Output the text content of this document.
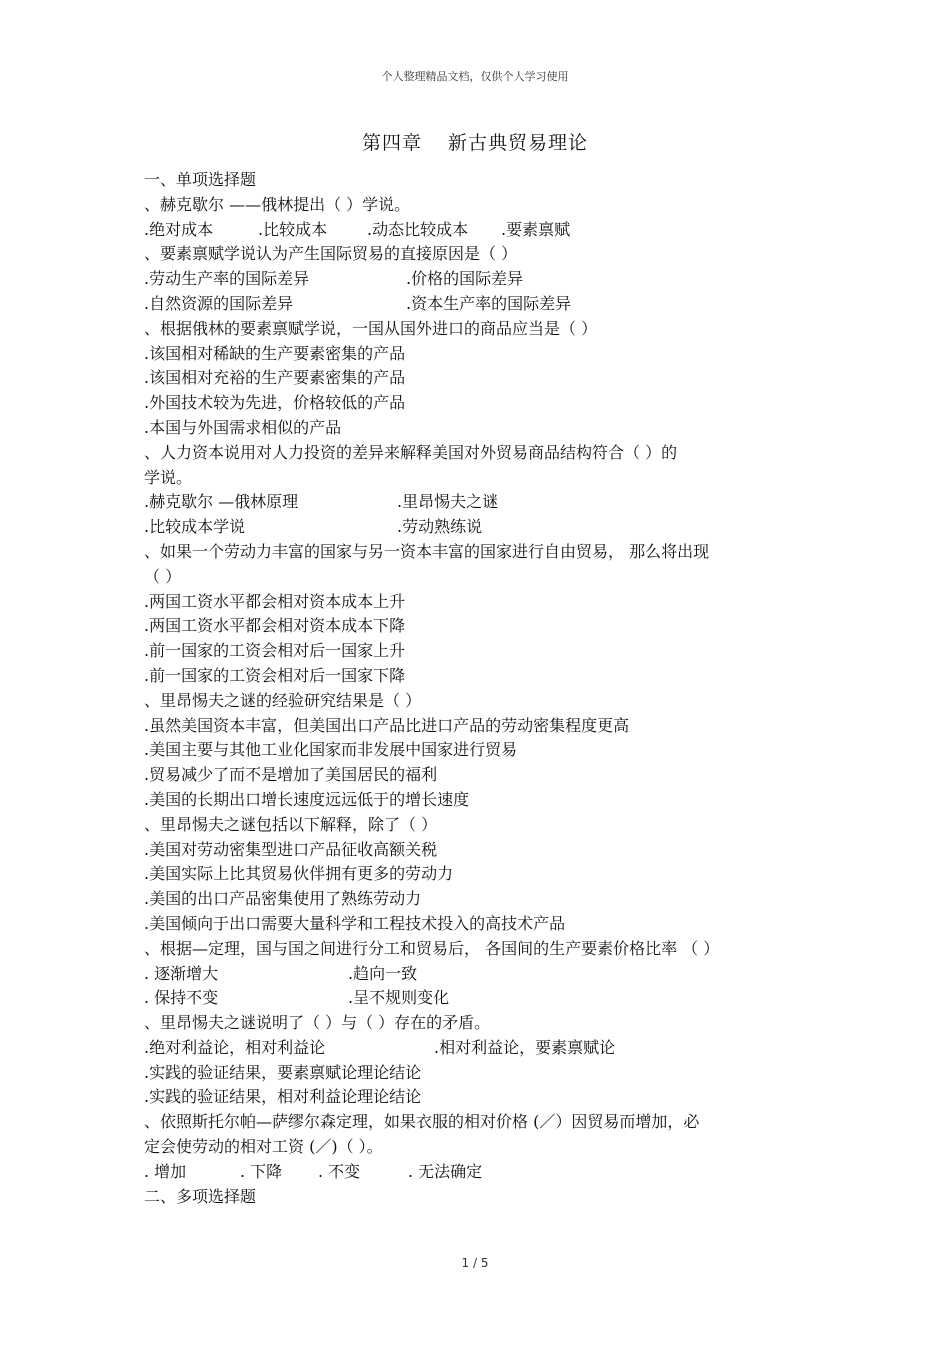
个人整理精品文档，仅供个人学习使用
第四章 新古典贸易理论
一、单项选择题
、赫克歇尔 ——俄林提出（ ）学说。
.绝对成本	.比较成本	.动态比较成本	.要素禀赋
、要素禀赋学说认为产生国际贸易的直接原因是（ ）
.劳动生产率的国际差异	.价格的国际差异
.自然资源的国际差异	.资本生产率的国际差异
、根据俄林的要素禀赋学说，一国从国外进口的商品应当是（ ）
.该国相对稀缺的生产要素密集的产品
.该国相对充裕的生产要素密集的产品
.外国技术较为先进，价格较低的产品
.本国与外国需求相似的产品
、人力资本说用对人力投资的差异来解释美国对外贸易商品结构符合（ ）的
学说。
.赫克歇尔 —俄林原理	.里昂惕夫之谜
.比较成本学说	.劳动熟练说
、如果一个劳动力丰富的国家与另一资本丰富的国家进行自由贸易， 那么将出现
（ ）
.两国工资水平都会相对资本成本上升
.两国工资水平都会相对资本成本下降
.前一国家的工资会相对后一国家上升
.前一国家的工资会相对后一国家下降
、里昂惕夫之谜的经验研究结果是（ ）
.虽然美国资本丰富，但美国出口产品比进口产品的劳动密集程度更高
.美国主要与其他工业化国家而非发展中国家进行贸易
.贸易减少了而不是增加了美国居民的福利
.美国的长期出口增长速度远远低于的增长速度
、里昂惕夫之谜包括以下解释，除了（ ）
.美国对劳动密集型进口产品征收高额关税
.美国实际上比其贸易伙伴拥有更多的劳动力
.美国的出口产品密集使用了熟练劳动力
.美国倾向于出口需要大量科学和工程技术投入的高技术产品
、根据—定理，国与国之间进行分工和贸易后， 各国间的生产要素价格比率 （ ）
. 逐渐增大	.趋向一致
. 保持不变	.呈不规则变化
、里昂惕夫之谜说明了（ ）与（ ）存在的矛盾。
.绝对利益论，相对利益论	.相对利益论，要素禀赋论
.实践的验证结果，要素禀赋论理论结论
.实践的验证结果，相对利益论理论结论
、依照斯托尔帕—萨缪尔森定理，如果衣服的相对价格 (／）因贸易而增加，必
定会使劳动的相对工资 (／)（ ）。
. 增加	. 下降	. 不变	. 无法确定
二、多项选择题
1 / 5
